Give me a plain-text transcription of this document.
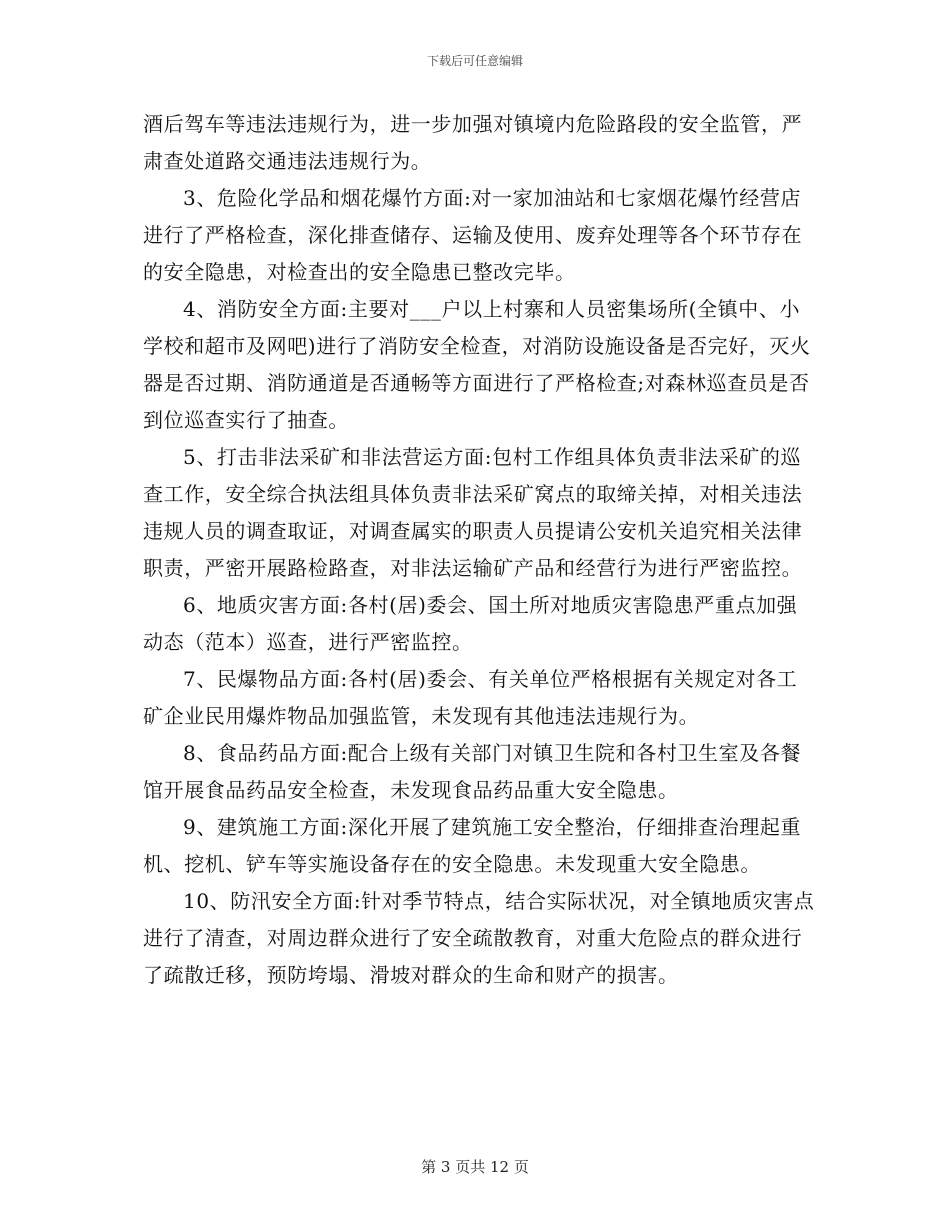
下载后可任意编辑

酒后驾车等违法违规行为，进一步加强对镇境内危险路段的安全监管，严肃查处道路交通违法违规行为。

3、危险化学品和烟花爆竹方面:对一家加油站和七家烟花爆竹经营店进行了严格检查，深化排查储存、运输及使用、废弃处理等各个环节存在的安全隐患，对检查出的安全隐患已整改完毕。

4、消防安全方面:主要对___户以上村寨和人员密集场所(全镇中、小学校和超市及网吧)进行了消防安全检查，对消防设施设备是否完好，灭火器是否过期、消防通道是否通畅等方面进行了严格检查;对森林巡查员是否到位巡查实行了抽查。

5、打击非法采矿和非法营运方面:包村工作组具体负责非法采矿的巡查工作，安全综合执法组具体负责非法采矿窝点的取缔关掉，对相关违法违规人员的调查取证，对调查属实的职责人员提请公安机关追究相关法律职责，严密开展路检路查，对非法运输矿产品和经营行为进行严密监控。

6、地质灾害方面:各村(居)委会、国土所对地质灾害隐患严重点加强动态（范本）巡查，进行严密监控。

7、民爆物品方面:各村(居)委会、有关单位严格根据有关规定对各工矿企业民用爆炸物品加强监管，未发现有其他违法违规行为。

8、食品药品方面:配合上级有关部门对镇卫生院和各村卫生室及各餐馆开展食品药品安全检查，未发现食品药品重大安全隐患。

9、建筑施工方面:深化开展了建筑施工安全整治，仔细排查治理起重机、挖机、铲车等实施设备存在的安全隐患。未发现重大安全隐患。

10、防汛安全方面:针对季节特点，结合实际状况，对全镇地质灾害点进行了清查，对周边群众进行了安全疏散教育，对重大危险点的群众进行了疏散迁移，预防垮塌、滑坡对群众的生命和财产的损害。

第 3 页共 12 页
